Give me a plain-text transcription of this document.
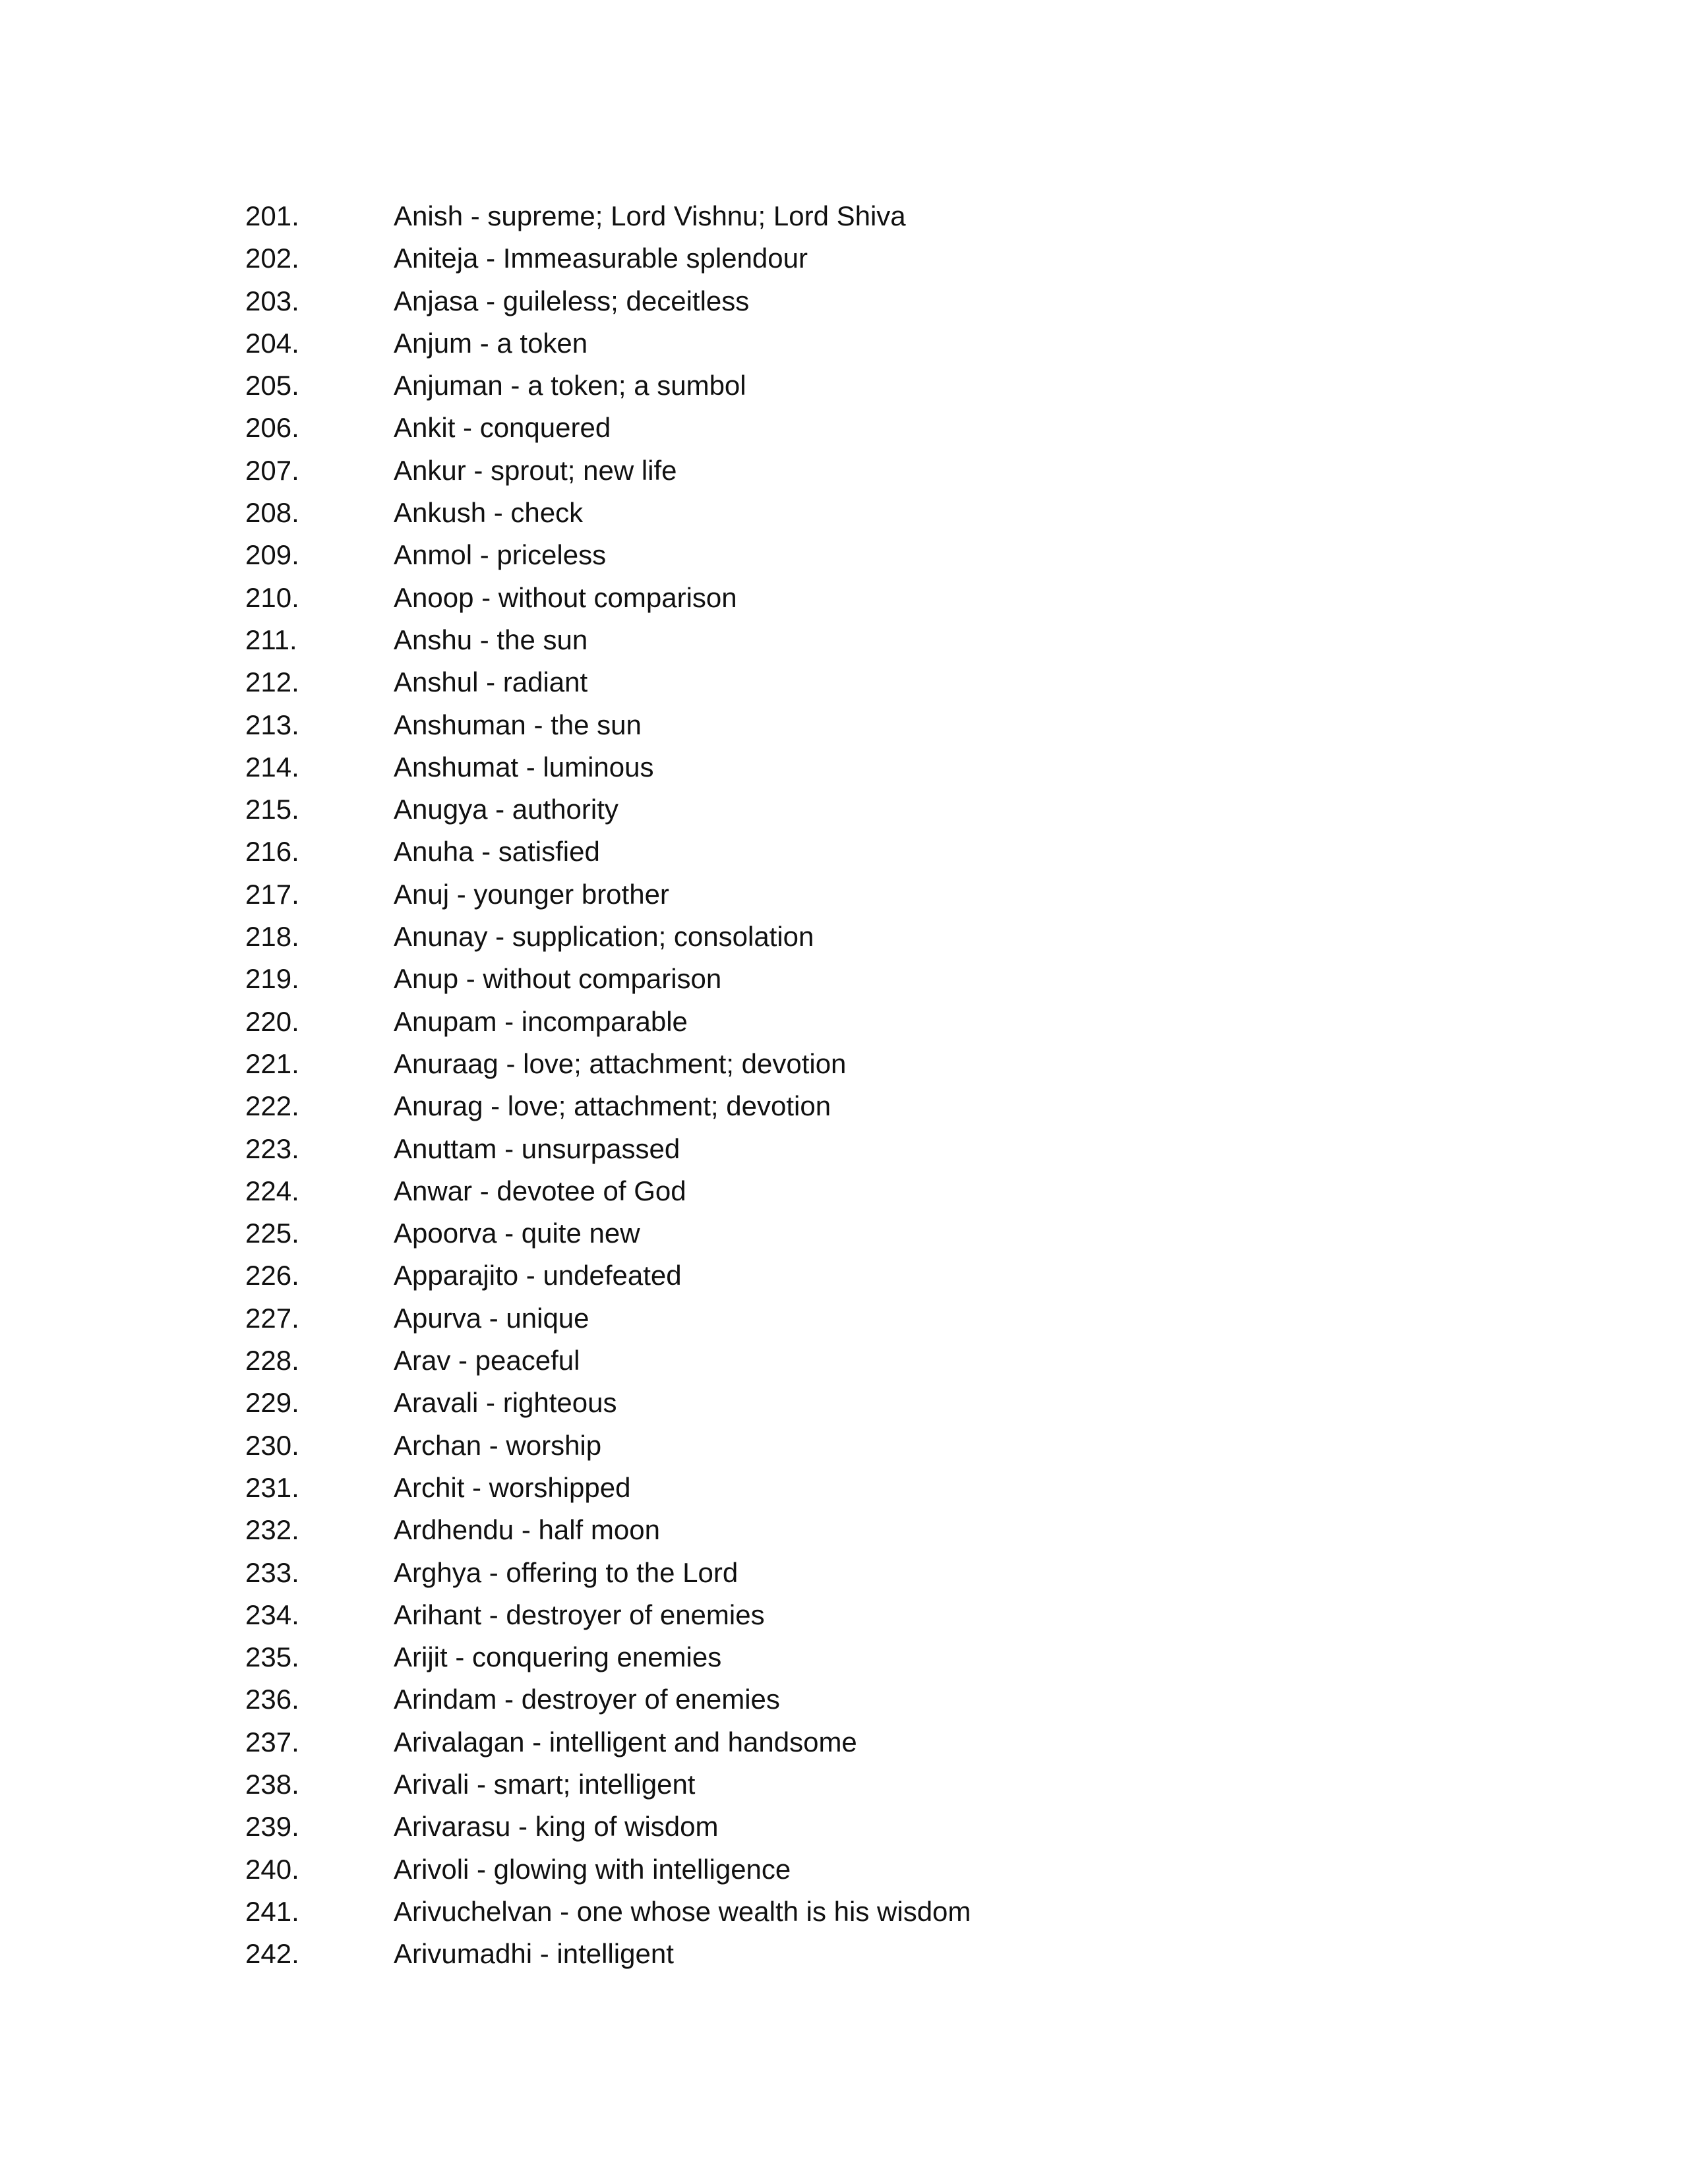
201.	Anish - supreme; Lord Vishnu; Lord Shiva
202.	Aniteja - Immeasurable splendour
203.	Anjasa - guileless; deceitless
204.	Anjum - a token
205.	Anjuman - a token; a sumbol
206.	Ankit - conquered
207.	Ankur - sprout; new life
208.	Ankush - check
209.	Anmol - priceless
210.	Anoop - without comparison
211.	Anshu - the sun
212.	Anshul - radiant
213.	Anshuman - the sun
214.	Anshumat - luminous
215.	Anugya - authority
216.	Anuha - satisfied
217.	Anuj - younger brother
218.	Anunay - supplication; consolation
219.	Anup - without comparison
220.	Anupam - incomparable
221.	Anuraag - love; attachment; devotion
222.	Anurag - love; attachment; devotion
223.	Anuttam - unsurpassed
224.	Anwar - devotee of God
225.	Apoorva - quite new
226.	Apparajito - undefeated
227.	Apurva - unique
228.	Arav - peaceful
229.	Aravali - righteous
230.	Archan - worship
231.	Archit - worshipped
232.	Ardhendu - half moon
233.	Arghya - offering to the Lord
234.	Arihant - destroyer of enemies
235.	Arijit - conquering enemies
236.	Arindam - destroyer of enemies
237.	Arivalagan - intelligent and handsome
238.	Arivali - smart; intelligent
239.	Arivarasu - king of wisdom
240.	Arivoli - glowing with intelligence
241.	Arivuchelvan - one whose wealth is his wisdom
242.	Arivumadhi - intelligent
